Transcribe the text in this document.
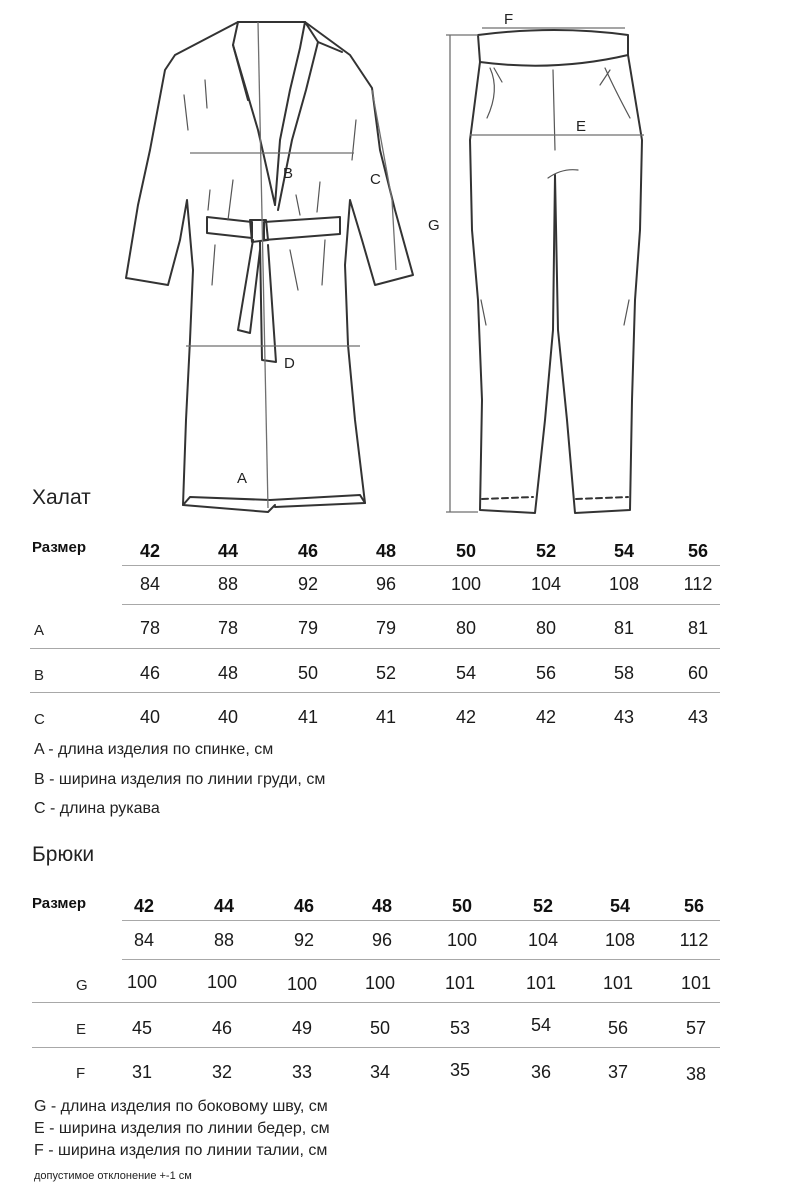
B	C
D
A
F
E
G
Халат
Размер	42	44	46	48	50	52	54	56
84	88	92	96	100	104	108	112
A	78	78	79	79	80	80	81	81
B	46	48	50	52	54	56	58	60
C	40	40	41	41	42	42	43	43
A - длина изделия по спинке, см
B - ширина изделия по линии груди, см
C - длина рукава
Брюки
Размер	42	44	46	48	50	52	54	56
84	88	92	96	100	104	108	112
G	100	100	100	100	101	101	101	101
E	45	46	49	50	53	54	56	57
F	31	32	33	34	35	36	37	38
G - длина изделия по боковому шву, см
E - ширина изделия по линии бедер, см
F - ширина изделия по линии талии, см
допустимое отклонение +-1 см
